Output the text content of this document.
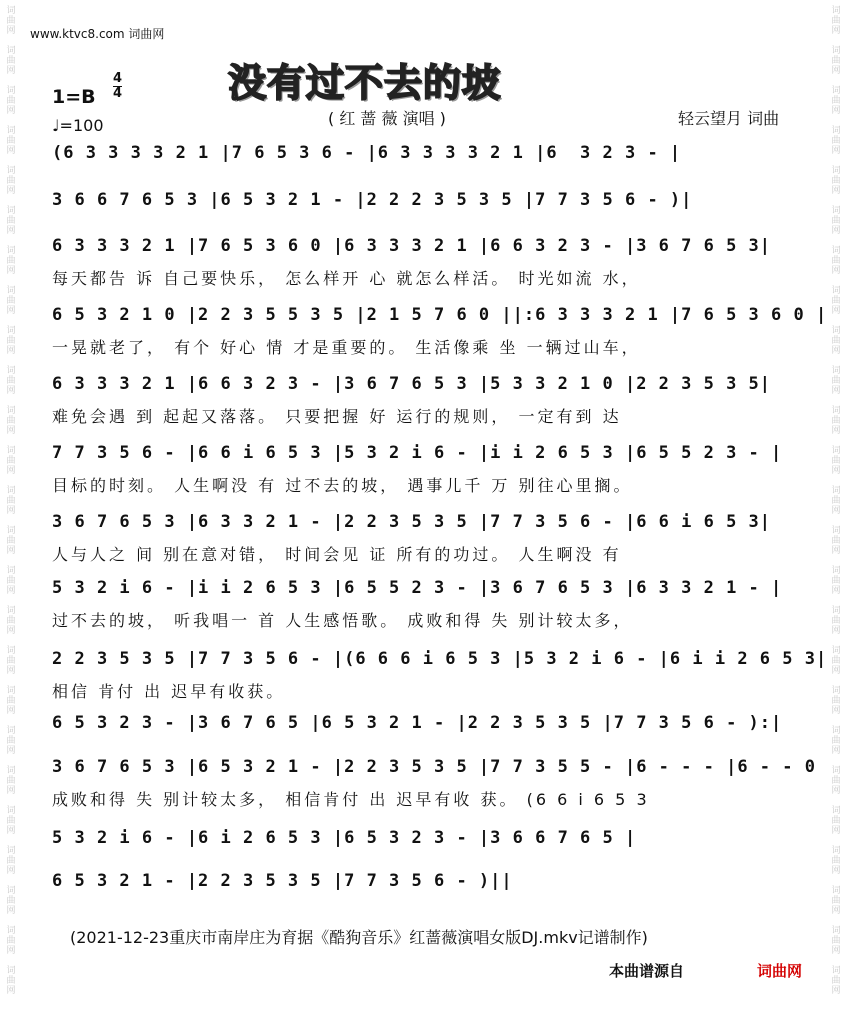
词曲网
词曲网
词曲网
词曲网
词曲网
词曲网
词曲网
词曲网
词曲网
词曲网
词曲网
词曲网
词曲网
词曲网
词曲网
词曲网
词曲网
词曲网
词曲网
词曲网
词曲网
词曲网
词曲网
词曲网
词曲网
词曲网
词曲网
词曲网
词曲网
词曲网
词曲网
词曲网
词曲网
词曲网
词曲网
词曲网
词曲网
词曲网
词曲网
词曲网
词曲网
词曲网
词曲网
词曲网
词曲网
词曲网
词曲网
词曲网
词曲网
词曲网
www.ktvc8.com 词曲网
没有过不去的坡
$1=B \frac{4}{4}$
♩=100	( 红 蔷 薇 演唱 )	轻云望月 词曲
(6 3 3 3 3 2 1 |7 6 5 3 6 - |6 3 3 3 3 2 1 |6  3 2 3 - |
3 6 6 7 6 5 3 |6 5 3 2 1 - |2 2 2 3 5 3 5 |7 7 3 5 6 - )|
6 3 3 3 2 1 |7 6 5 3 6 0 |6 3 3 3 2 1 |6 6 3 2 3 - |3 6 7 6 5 3|
每天都告 诉 自己要快乐， 怎么样开 心 就怎么样活。 时光如流 水，
6 5 3 2 1 0 |2 2 3 5 5 3 5 |2 1 5 7 6 0 ||:6 3 3 3 2 1 |7 6 5 3 6 0 |
一晃就老了， 有个 好心 情 才是重要的。 生活像乘 坐 一辆过山车，
6 3 3 3 2 1 |6 6 3 2 3 - |3 6 7 6 5 3 |5 3 3 2 1 0 |2 2 3 5 3 5|
难免会遇 到 起起又落落。 只要把握 好 运行的规则， 一定有到 达
7 7 3 5 6 - |6 6 i 6 5 3 |5 3 2 i 6 - |i i 2 6 5 3 |6 5 5 2 3 - |
目标的时刻。 人生啊没 有 过不去的坡， 遇事儿千 万 别往心里搁。
3 6 7 6 5 3 |6 3 3 2 1 - |2 2 3 5 3 5 |7 7 3 5 6 - |6 6 i 6 5 3|
人与人之 间 别在意对错， 时间会见 证 所有的功过。 人生啊没 有
5 3 2 i 6 - |i i 2 6 5 3 |6 5 5 2 3 - |3 6 7 6 5 3 |6 3 3 2 1 - |
过不去的坡， 听我唱一 首 人生感悟歌。 成败和得 失 别计较太多，
2 2 3 5 3 5 |7 7 3 5 6 - |(6 6 6 i 6 5 3 |5 3 2 i 6 - |6 i i 2 6 5 3|
相信 肯付 出 迟早有收获。
6 5 3 2 3 - |3 6 7 6 5 |6 5 3 2 1 - |2 2 3 5 3 5 |7 7 3 5 6 - ):|
3 6 7 6 5 3 |6 5 3 2 1 - |2 2 3 5 3 5 |7 7 3 5 5 - |6 - - - |6 - - 0
成败和得 失 别计较太多， 相信肯付 出 迟早有收 获。 (6 6 i 6 5 3
5 3 2 i 6 - |6 i 2 6 5 3 |6 5 3 2 3 - |3 6 6 7 6 5 |
6 5 3 2 1 - |2 2 3 5 3 5 |7 7 3 5 6 - )||
(2021-12-23重庆市南岸庄为育据《酷狗音乐》红蔷薇演唱女版DJ.mkv记谱制作)
本曲谱源自	词曲网
